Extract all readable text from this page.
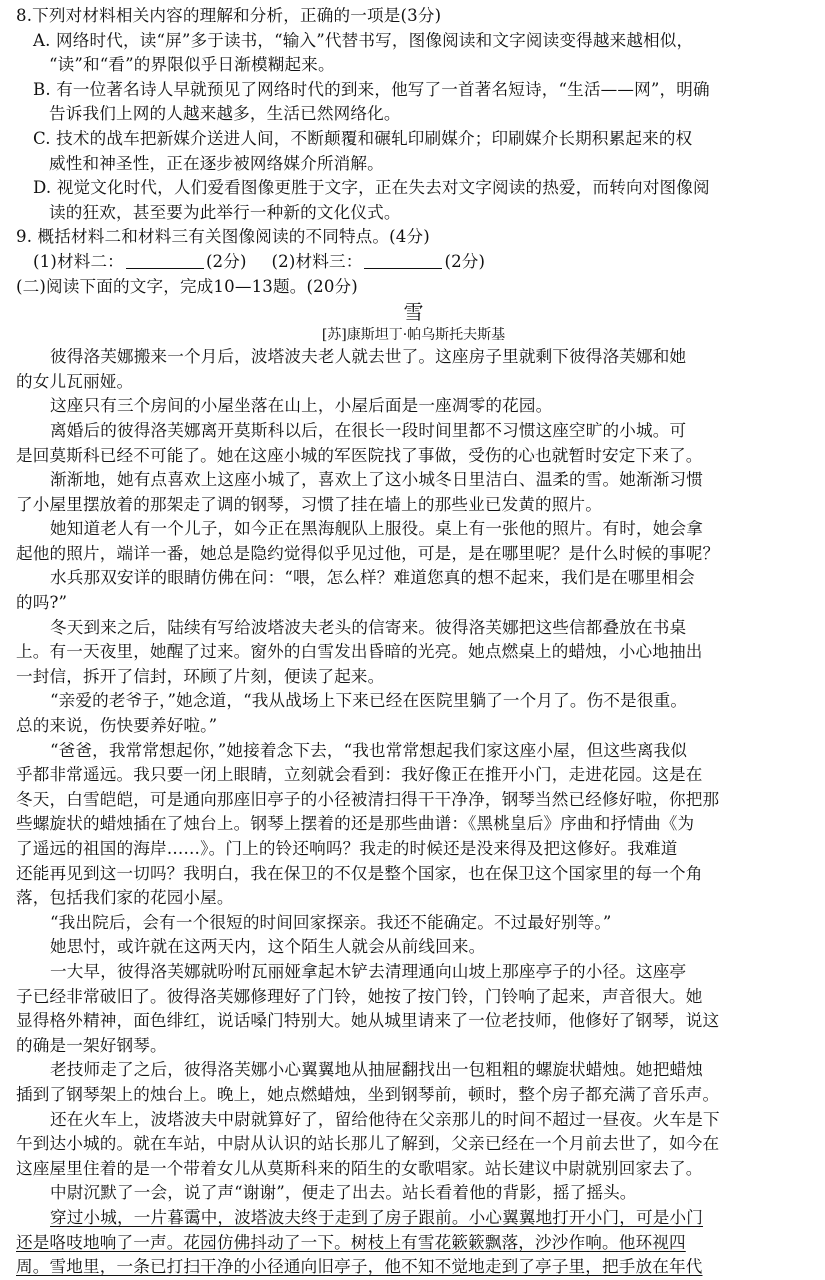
8.下列对材料相关内容的理解和分析，正确的一项是(3分)
A. 网络时代，读“屏”多于读书，“输入”代替书写，图像阅读和文字阅读变得越来越相似，
“读”和“看”的界限似乎日渐模糊起来。
B. 有一位著名诗人早就预见了网络时代的到来，他写了一首著名短诗，“生活——网”，明确
告诉我们上网的人越来越多，生活已然网络化。
C. 技术的战车把新媒介送进人间，不断颠覆和碾轧印刷媒介；印刷媒介长期积累起来的权
威性和神圣性，正在逐步被网络媒介所消解。
D. 视觉文化时代，人们爱看图像更胜于文字，正在失去对文字阅读的热爱，而转向对图像阅
读的狂欢，甚至要为此举行一种新的文化仪式。
9. 概括材料二和材料三有关图像阅读的不同特点。(4分)
(1)材料二：	(2分) (2)材料三：	(2分)
(二)阅读下面的文字，完成10—13题。(20分)
雪
[苏]康斯坦丁·帕乌斯托夫斯基
彼得洛芙娜搬来一个月后，波塔波夫老人就去世了。这座房子里就剩下彼得洛芙娜和她
的女儿瓦丽娅。
这座只有三个房间的小屋坐落在山上，小屋后面是一座凋零的花园。
离婚后的彼得洛芙娜离开莫斯科以后，在很长一段时间里都不习惯这座空旷的小城。可
是回莫斯科已经不可能了。她在这座小城的军医院找了事做，受伤的心也就暂时安定下来了。
渐渐地，她有点喜欢上这座小城了，喜欢上了这小城冬日里洁白、温柔的雪。她渐渐习惯
了小屋里摆放着的那架走了调的钢琴，习惯了挂在墙上的那些业已发黄的照片。
她知道老人有一个儿子，如今正在黑海舰队上服役。桌上有一张他的照片。有时，她会拿
起他的照片，端详一番，她总是隐约觉得似乎见过他，可是，是在哪里呢？是什么时候的事呢？
水兵那双安详的眼睛仿佛在问：“喂，怎么样？难道您真的想不起来，我们是在哪里相会
的吗?”
冬天到来之后，陆续有写给波塔波夫老头的信寄来。彼得洛芙娜把这些信都叠放在书桌
上。有一天夜里，她醒了过来。窗外的白雪发出昏暗的光亮。她点燃桌上的蜡烛，小心地抽出
一封信，拆开了信封，环顾了片刻，便读了起来。
“亲爱的老爷子，”她念道，“我从战场上下来已经在医院里躺了一个月了。伤不是很重。
总的来说，伤快要养好啦。”
“爸爸，我常常想起你，”她接着念下去，“我也常常想起我们家这座小屋，但这些离我似
乎都非常遥远。我只要一闭上眼睛，立刻就会看到：我好像正在推开小门，走进花园。这是在
冬天，白雪皑皑，可是通向那座旧亭子的小径被清扫得干干净净，钢琴当然已经修好啦，你把那
些螺旋状的蜡烛插在了烛台上。钢琴上摆着的还是那些曲谱：《黑桃皇后》序曲和抒情曲《为
了遥远的祖国的海岸……》。门上的铃还响吗？我走的时候还是没来得及把这修好。我难道
还能再见到这一切吗？我明白，我在保卫的不仅是整个国家，也在保卫这个国家里的每一个角
落，包括我们家的花园小屋。
“我出院后，会有一个很短的时间回家探亲。我还不能确定。不过最好别等。”
她思忖，或许就在这两天内，这个陌生人就会从前线回来。
一大早，彼得洛芙娜就吩咐瓦丽娅拿起木铲去清理通向山坡上那座亭子的小径。这座亭
子已经非常破旧了。彼得洛芙娜修理好了门铃，她按了按门铃，门铃响了起来，声音很大。她
显得格外精神，面色绯红，说话嗓门特别大。她从城里请来了一位老技师，他修好了钢琴，说这
的确是一架好钢琴。
老技师走了之后，彼得洛芙娜小心翼翼地从抽屉翻找出一包粗粗的螺旋状蜡烛。她把蜡烛
插到了钢琴架上的烛台上。晚上，她点燃蜡烛，坐到钢琴前，顿时，整个房子都充满了音乐声。
还在火车上，波塔波夫中尉就算好了，留给他待在父亲那儿的时间不超过一昼夜。火车是下
午到达小城的。就在车站，中尉从认识的站长那儿了解到，父亲已经在一个月前去世了，如今在
这座屋里住着的是一个带着女儿从莫斯科来的陌生的女歌唱家。站长建议中尉就别回家去了。
中尉沉默了一会，说了声“谢谢”，便走了出去。站长看着他的背影，摇了摇头。
穿过小城，一片暮霭中，波塔波夫终于走到了房子跟前。小心翼翼地打开小门，可是小门
还是咯吱地响了一声。花园仿佛抖动了一下。树枝上有雪花簌簌飘落，沙沙作响。他环视四
周。雪地里，一条已打扫干净的小径通向旧亭子，他不知不觉地走到了亭子里，把手放在年代
